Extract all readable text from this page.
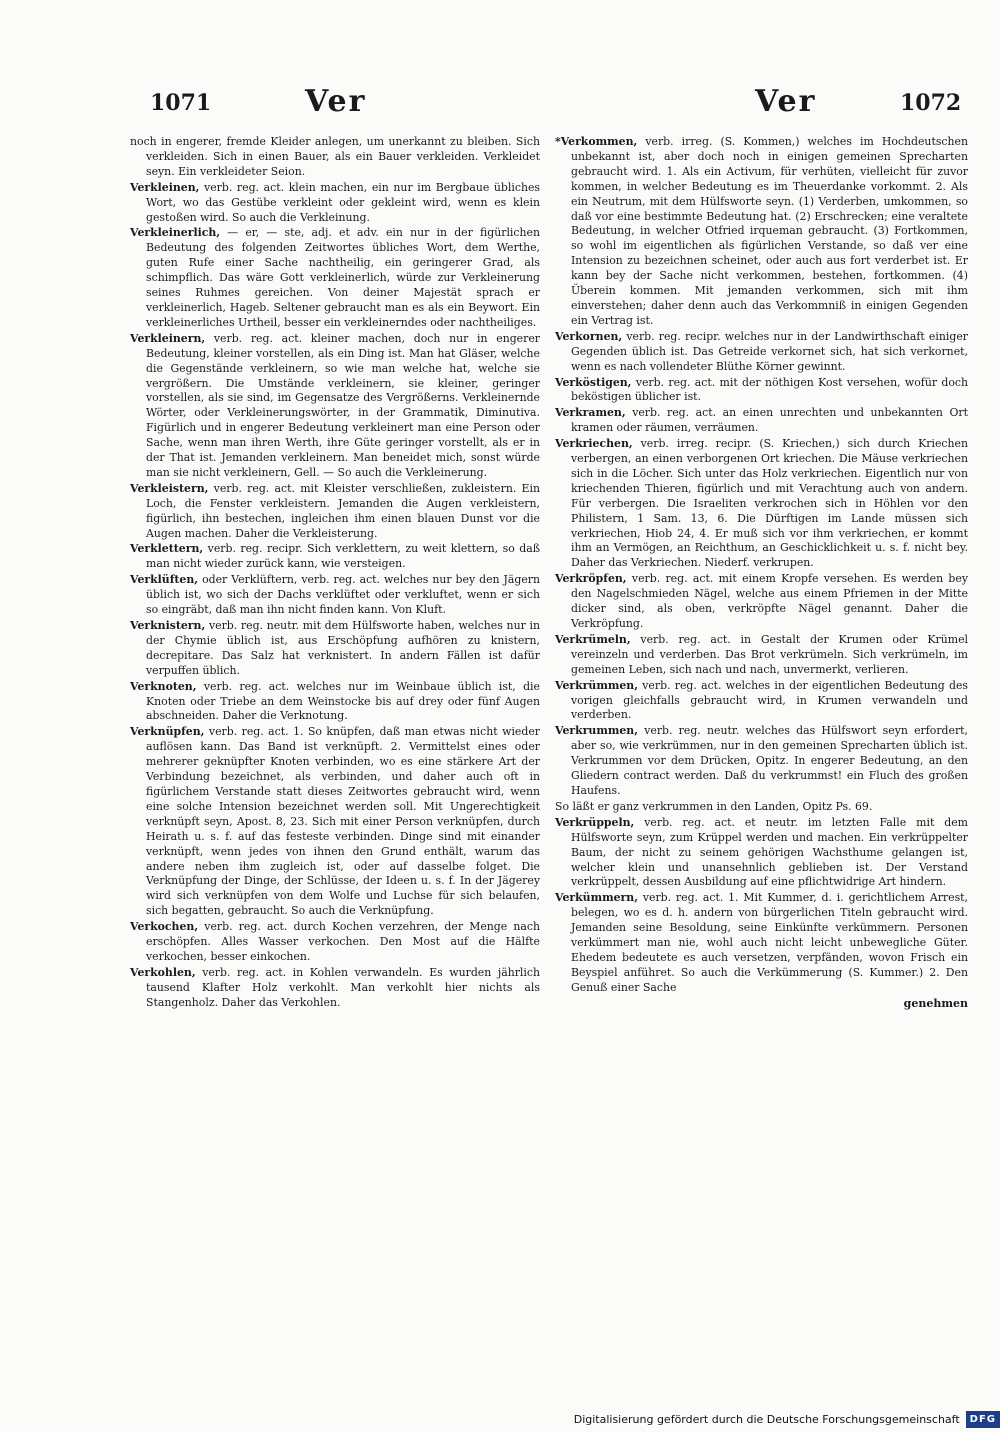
1071	Ver	Ver	1072

noch in engerer, fremde Kleider anlegen, um unerkannt zu bleiben. Sich verkleiden. Sich in einen Bauer, als ein Bauer verkleiden. Verkleidet seyn. Ein verkleideter Seion.

Verkleinen, verb. reg. act. klein machen, ein nur im Bergbaue übliches Wort, wo das Gestübe verkleint oder gekleint wird, wenn es klein gestoßen wird. So auch die Verkleinung.

Verkleinerlich, — er, — ste, adj. et adv. ein nur in der figürlichen Bedeutung des folgenden Zeitwortes übliches Wort, dem Werthe, guten Rufe einer Sache nachtheilig, ein geringerer Grad, als schimpflich. Das wäre Gott verkleinerlich, würde zur Verkleinerung seines Ruhmes gereichen. Von deiner Majestät sprach er verkleinerlich, Hageb. Seltener gebraucht man es als ein Beywort. Ein verkleinerliches Urtheil, besser ein verkleinerndes oder nachtheiliges.

Verkleinern, verb. reg. act. kleiner machen, doch nur in engerer Bedeutung, kleiner vorstellen, als ein Ding ist. Man hat Gläser, welche die Gegenstände verkleinern, so wie man welche hat, welche sie vergrößern. Die Umstände verkleinern, sie kleiner, geringer vorstellen, als sie sind, im Gegensatze des Vergrößerns. Verkleinernde Wörter, oder Verkleinerungswörter, in der Grammatik, Diminutiva. Figürlich und in engerer Bedeutung verkleinert man eine Person oder Sache, wenn man ihren Werth, ihre Güte geringer vorstellt, als er in der That ist. Jemanden verkleinern. Man beneidet mich, sonst würde man sie nicht verkleinern, Gell. — So auch die Verkleinerung.

Verkleistern, verb. reg. act. mit Kleister verschließen, zukleistern. Ein Loch, die Fenster verkleistern. Jemanden die Augen verkleistern, figürlich, ihn bestechen, ingleichen ihm einen blauen Dunst vor die Augen machen. Daher die Verkleisterung.

Verklettern, verb. reg. recipr. Sich verklettern, zu weit klettern, so daß man nicht wieder zurück kann, wie versteigen.

Verklüften, oder Verklüftern, verb. reg. act. welches nur bey den Jägern üblich ist, wo sich der Dachs verklüftet oder verkluftet, wenn er sich so eingräbt, daß man ihn nicht finden kann. Von Kluft.

Verknistern, verb. reg. neutr. mit dem Hülfsworte haben, welches nur in der Chymie üblich ist, aus Erschöpfung aufhören zu knistern, decrepitare. Das Salz hat verknistert. In andern Fällen ist dafür verpuffen üblich.

Verknoten, verb. reg. act. welches nur im Weinbaue üblich ist, die Knoten oder Triebe an dem Weinstocke bis auf drey oder fünf Augen abschneiden. Daher die Verknotung.

Verknüpfen, verb. reg. act. 1. So knüpfen, daß man etwas nicht wieder auflösen kann. Das Band ist verknüpft. 2. Vermittelst eines oder mehrerer geknüpfter Knoten verbinden, wo es eine stärkere Art der Verbindung bezeichnet, als verbinden, und daher auch oft in figürlichem Verstande statt dieses Zeitwortes gebraucht wird, wenn eine solche Intension bezeichnet werden soll. Mit Ungerechtigkeit verknüpft seyn, Apost. 8, 23. Sich mit einer Person verknüpfen, durch Heirath u. s. f. auf das festeste verbinden. Dinge sind mit einander verknüpft, wenn jedes von ihnen den Grund enthält, warum das andere neben ihm zugleich ist, oder auf dasselbe folget. Die Verknüpfung der Dinge, der Schlüsse, der Ideen u. s. f. In der Jägerey wird sich verknüpfen von dem Wolfe und Luchse für sich belaufen, sich begatten, gebraucht. So auch die Verknüpfung.

Verkochen, verb. reg. act. durch Kochen verzehren, der Menge nach erschöpfen. Alles Wasser verkochen. Den Most auf die Hälfte verkochen, besser einkochen.

Verkohlen, verb. reg. act. in Kohlen verwandeln. Es wurden jährlich tausend Klafter Holz verkohlt. Man verkohlt hier nichts als Stangenholz. Daher das Verkohlen.

*Verkommen, verb. irreg. (S. Kommen,) welches im Hochdeutschen unbekannt ist, aber doch noch in einigen gemeinen Sprecharten gebraucht wird. 1. Als ein Activum, für verhüten, vielleicht für zuvor kommen, in welcher Bedeutung es im Theuerdanke vorkommt. 2. Als ein Neutrum, mit dem Hülfsworte seyn. (1) Verderben, umkommen, so daß vor eine bestimmte Bedeutung hat. (2) Erschrecken; eine veraltete Bedeutung, in welcher Otfried irqueman gebraucht. (3) Fortkommen, so wohl im eigentlichen als figürlichen Verstande, so daß ver eine Intension zu bezeichnen scheinet, oder auch aus fort verderbet ist. Er kann bey der Sache nicht verkommen, bestehen, fortkommen. (4) Überein kommen. Mit jemanden verkommen, sich mit ihm einverstehen; daher denn auch das Verkommniß in einigen Gegenden ein Vertrag ist.

Verkornen, verb. reg. recipr. welches nur in der Landwirthschaft einiger Gegenden üblich ist. Das Getreide verkornet sich, hat sich verkornet, wenn es nach vollendeter Blüthe Körner gewinnt.

Verköstigen, verb. reg. act. mit der nöthigen Kost versehen, wofür doch beköstigen üblicher ist.

Verkramen, verb. reg. act. an einen unrechten und unbekannten Ort kramen oder räumen, verräumen.

Verkriechen, verb. irreg. recipr. (S. Kriechen,) sich durch Kriechen verbergen, an einen verborgenen Ort kriechen. Die Mäuse verkriechen sich in die Löcher. Sich unter das Holz verkriechen. Eigentlich nur von kriechenden Thieren, figürlich und mit Verachtung auch von andern. Für verbergen. Die Israeliten verkrochen sich in Höhlen vor den Philistern, 1 Sam. 13, 6. Die Dürftigen im Lande müssen sich verkriechen, Hiob 24, 4. Er muß sich vor ihm verkriechen, er kommt ihm an Vermögen, an Reichthum, an Geschicklichkeit u. s. f. nicht bey. Daher das Verkriechen. Niederf. verkrupen.

Verkröpfen, verb. reg. act. mit einem Kropfe versehen. Es werden bey den Nagelschmieden Nägel, welche aus einem Pfriemen in der Mitte dicker sind, als oben, verkröpfte Nägel genannt. Daher die Verkröpfung.

Verkrümeln, verb. reg. act. in Gestalt der Krumen oder Krümel vereinzeln und verderben. Das Brot verkrümeln. Sich verkrümeln, im gemeinen Leben, sich nach und nach, unvermerkt, verlieren.

Verkrümmen, verb. reg. act. welches in der eigentlichen Bedeutung des vorigen gleichfalls gebraucht wird, in Krumen verwandeln und verderben.

Verkrummen, verb. reg. neutr. welches das Hülfswort seyn erfordert, aber so, wie verkrümmen, nur in den gemeinen Sprecharten üblich ist. Verkrummen vor dem Drücken, Opitz. In engerer Bedeutung, an den Gliedern contract werden. Daß du verkrummst! ein Fluch des großen Haufens.

So läßt er ganz verkrummen in den Landen, Opitz Ps. 69.

Verkrüppeln, verb. reg. act. et neutr. im letzten Falle mit dem Hülfsworte seyn, zum Krüppel werden und machen. Ein verkrüppelter Baum, der nicht zu seinem gehörigen Wachsthume gelangen ist, welcher klein und unansehnlich geblieben ist. Der Verstand verkrüppelt, dessen Ausbildung auf eine pflichtwidrige Art hindern.

Verkümmern, verb. reg. act. 1. Mit Kummer, d. i. gerichtlichem Arrest, belegen, wo es d. h. andern von bürgerlichen Titeln gebraucht wird. Jemanden seine Besoldung, seine Einkünfte verkümmern. Personen verkümmert man nie, wohl auch nicht leicht unbewegliche Güter. Ehedem bedeutete es auch versetzen, verpfänden, wovon Frisch ein Beyspiel anführet. So auch die Verkümmerung (S. Kummer.) 2. Den Genuß einer Sache

genehmen
Digitalisierung gefördert durch die Deutsche Forschungsgemeinschaft	DFG
